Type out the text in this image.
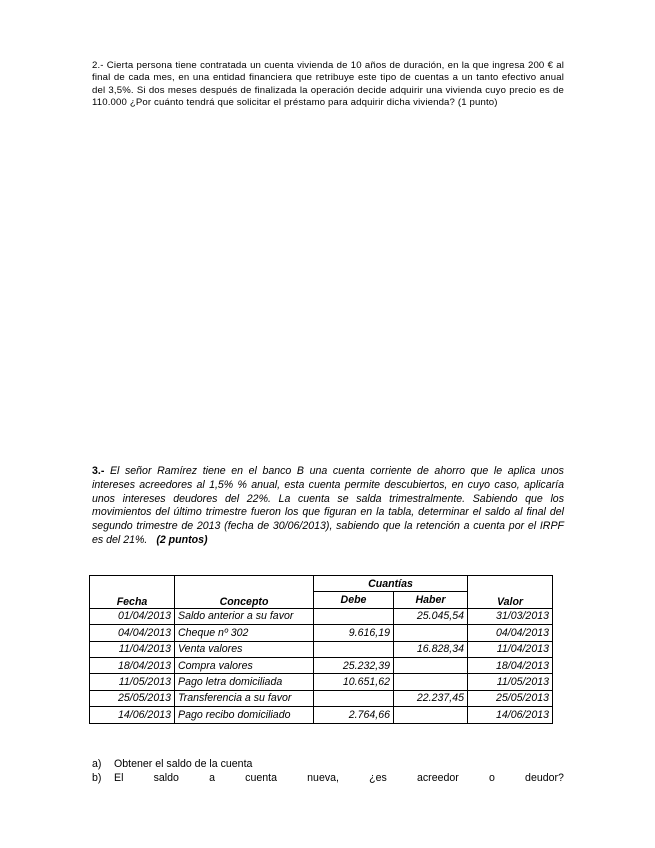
2.- Cierta persona tiene contratada un cuenta vivienda de 10 años de duración, en la que ingresa 200 € al final de cada mes, en una entidad financiera que retribuye este tipo de cuentas a un tanto efectivo anual del 3,5%. Si dos meses después de finalizada la operación decide adquirir una vivienda cuyo precio es de 110.000 ¿Por cuánto tendrá que solicitar el préstamo para adquirir dicha vivienda? (1 punto)
3.- El señor Ramírez tiene en el banco B una cuenta corriente de ahorro que le aplica unos intereses acreedores al 1,5% % anual, esta cuenta permite descubiertos, en cuyo caso, aplicaría unos intereses deudores del 22%. La cuenta se salda trimestralmente. Sabiendo que los movimientos del último trimestre fueron los que figuran en la tabla, determinar el saldo al final del segundo trimestre de 2013 (fecha de 30/06/2013), sabiendo que la retención a cuenta por el IRPF es del 21%. (2 puntos)
Fecha	Concepto	Cuantías		Valor
		Debe	Haber	
01/04/2013	Saldo anterior a su favor		25.045,54	31/03/2013
04/04/2013	Cheque nº 302	9.616,19		04/04/2013
11/04/2013	Venta valores		16.828,34	11/04/2013
18/04/2013	Compra valores	25.232,39		18/04/2013
11/05/2013	Pago letra domiciliada	10.651,62		11/05/2013
25/05/2013	Transferencia a su favor		22.237,45	25/05/2013
14/06/2013	Pago recibo domiciliado	2.764,66		14/06/2013
a)	Obtener el saldo de la cuenta
b)	El	saldo	a	cuenta	nueva,	¿es	acreedor	o	deudor?
